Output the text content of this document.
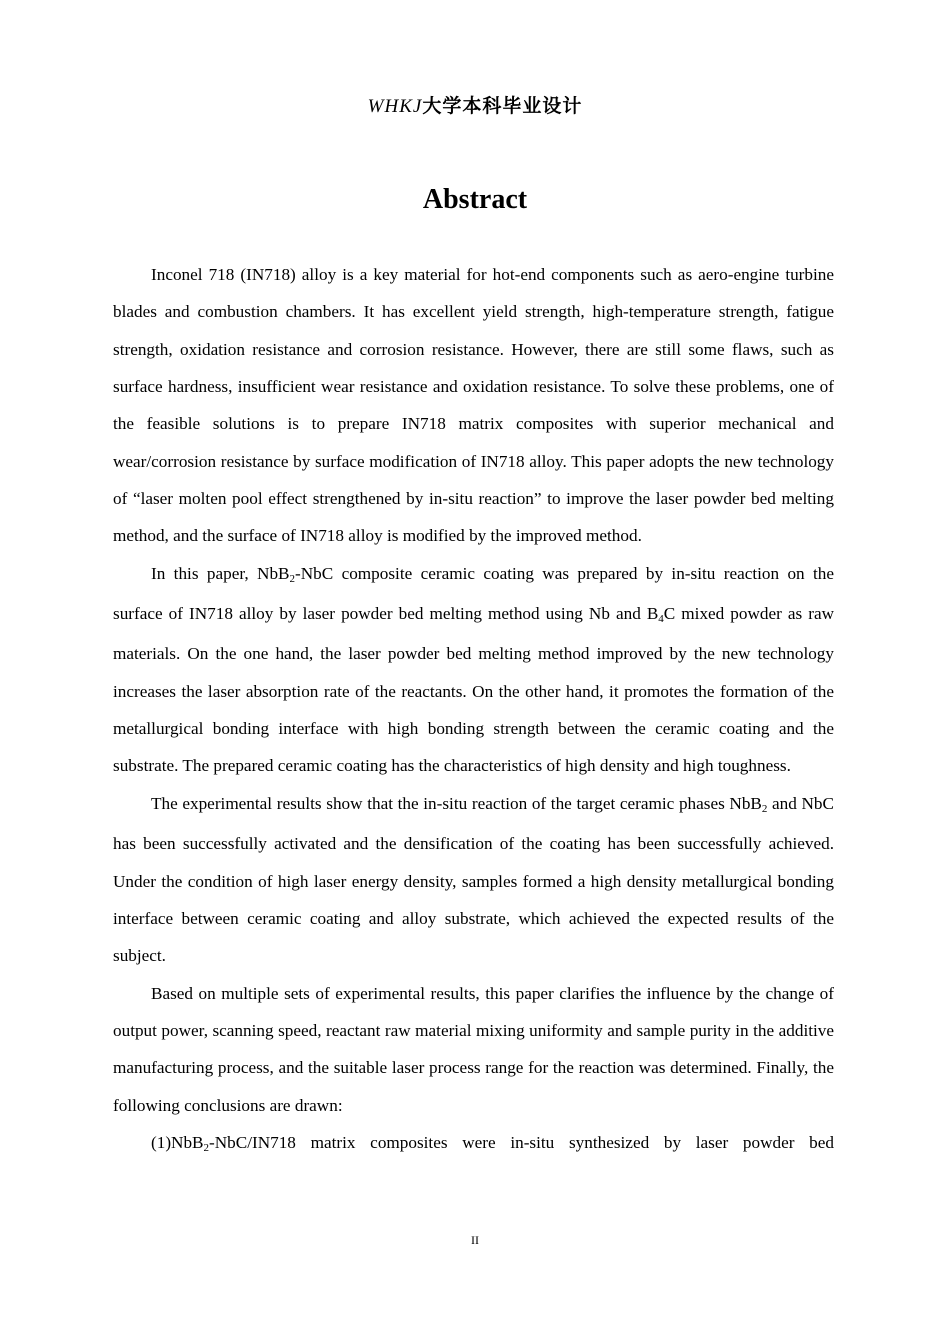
WHKJ大学本科毕业设计
Abstract

Inconel 718 (IN718) alloy is a key material for hot-end components such as aero-engine turbine blades and combustion chambers. It has excellent yield strength, high-temperature strength, fatigue strength, oxidation resistance and corrosion resistance. However, there are still some flaws, such as surface hardness, insufficient wear resistance and oxidation resistance. To solve these problems, one of the feasible solutions is to prepare IN718 matrix composites with superior mechanical and wear/corrosion resistance by surface modification of IN718 alloy. This paper adopts the new technology of “laser molten pool effect strengthened by in-situ reaction” to improve the laser powder bed melting method, and the surface of IN718 alloy is modified by the improved method.

In this paper, NbB$_2$-NbC composite ceramic coating was prepared by in-situ reaction on the surface of IN718 alloy by laser powder bed melting method using Nb and $B_4C$ mixed powder as raw materials. On the one hand, the laser powder bed melting method improved by the new technology increases the laser absorption rate of the reactants. On the other hand, it promotes the formation of the metallurgical bonding interface with high bonding strength between the ceramic coating and the substrate. The prepared ceramic coating has the characteristics of high density and high toughness.

The experimental results show that the in-situ reaction of the target ceramic phases NbB$_2$ and NbC has been successfully activated and the densification of the coating has been successfully achieved. Under the condition of high laser energy density, samples formed a high density metallurgical bonding interface between ceramic coating and alloy substrate, which achieved the expected results of the subject.

Based on multiple sets of experimental results, this paper clarifies the influence by the change of output power, scanning speed, reactant raw material mixing uniformity and sample purity in the additive manufacturing process, and the suitable laser process range for the reaction was determined. Finally, the following conclusions are drawn:

(1)NbB$_2$-NbC/IN718 matrix composites were in-situ synthesized by laser powder bed

II
